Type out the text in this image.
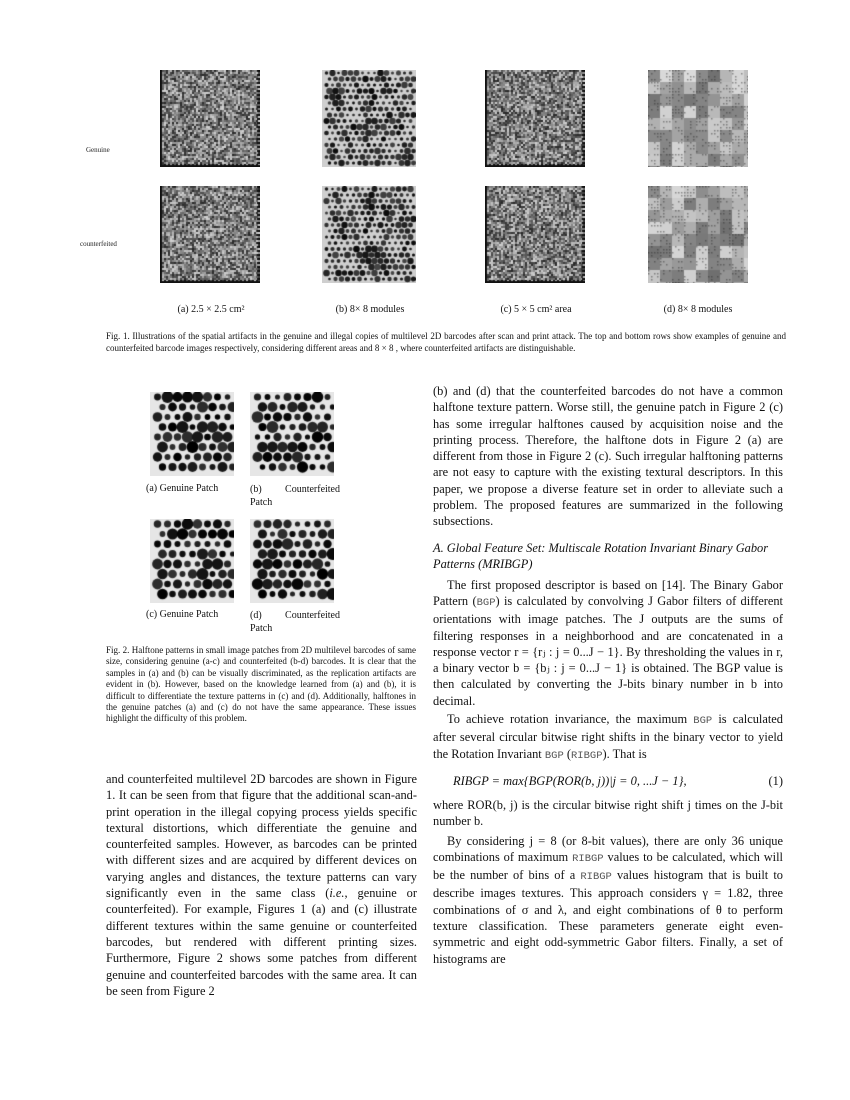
Genuine
counterfeited
(a) 2.5 × 2.5 cm²	(b) 8× 8 modules	(c) 5 × 5 cm² area	(d) 8× 8 modules
Fig. 1. Illustrations of the spatial artifacts in the genuine and illegal copies of multilevel 2D barcodes after scan and print attack. The top and bottom rows show examples of genuine and counterfeited barcode images respectively, considering different areas and 8 × 8 , where counterfeited artifacts are distinguishable.
(a) Genuine Patch	(b) Counterfeited Patch
(c) Genuine Patch	(d) Counterfeited Patch
Fig. 2. Halftone patterns in small image patches from 2D multilevel barcodes of same size, considering genuine (a-c) and counterfeited (b-d) barcodes. It is clear that the samples in (a) and (b) can be visually discriminated, as the replication artifacts are evident in (b). However, based on the knowledge learned from (a) and (b), it is difficult to differentiate the texture patterns in (c) and (d). Additionally, halftones in the genuine patches (a) and (c) do not have the same appearance. These issues highlight the difficulty of this problem.

and counterfeited multilevel 2D barcodes are shown in Figure 1. It can be seen from that figure that the additional scan-and-print operation in the illegal copying process yields specific textural distortions, which differentiate the genuine and counterfeited samples. However, as barcodes can be printed with different sizes and are acquired by different devices on varying angles and distances, the texture patterns can vary significantly even in the same class (i.e., genuine or counterfeited). For example, Figures 1 (a) and (c) illustrate different textures within the same genuine or counterfeited barcodes, but rendered with different printing sizes. Furthermore, Figure 2 shows some patches from different genuine and counterfeited barcodes with the same area. It can be seen from Figure 2

(b) and (d) that the counterfeited barcodes do not have a common halftone texture pattern. Worse still, the genuine patch in Figure 2 (c) has some irregular halftones caused by acquisition noise and the printing process. Therefore, the halftone dots in Figure 2 (a) are different from those in Figure 2 (c). Such irregular halftoning patterns are not easy to capture with the existing textural descriptors. In this paper, we propose a diverse feature set in order to alleviate such a problem. The proposed features are summarized in the following subsections.

A. Global Feature Set: Multiscale Rotation Invariant Binary Gabor Patterns (MRIBGP)

The first proposed descriptor is based on [14]. The Binary Gabor Pattern (BGP) is calculated by convolving J Gabor filters of different orientations with image patches. The J outputs are the sums of filtering responses in a neighborhood and are concatenated in a response vector r = {rⱼ : j = 0...J − 1}. By thresholding the values in r, a binary vector b = {bⱼ : j = 0...J − 1} is obtained. The BGP value is then calculated by converting the J-bits binary number in b into decimal.

To achieve rotation invariance, the maximum BGP is calculated after several circular bitwise right shifts in the binary vector to yield the Rotation Invariant BGP (RIBGP). That is

RIBGP = max{BGP(ROR(b, j))|j = 0, ...J − 1},	(1)

where ROR(b, j) is the circular bitwise right shift j times on the J-bit number b.

By considering j = 8 (or 8-bit values), there are only 36 unique combinations of maximum RIBGP values to be calculated, which will be the number of bins of a RIBGP values histogram that is built to describe images textures. This approach considers γ = 1.82, three combinations of σ and λ, and eight combinations of θ to perform texture classification. These parameters generate eight even-symmetric and eight odd-symmetric Gabor filters. Finally, a set of histograms are
